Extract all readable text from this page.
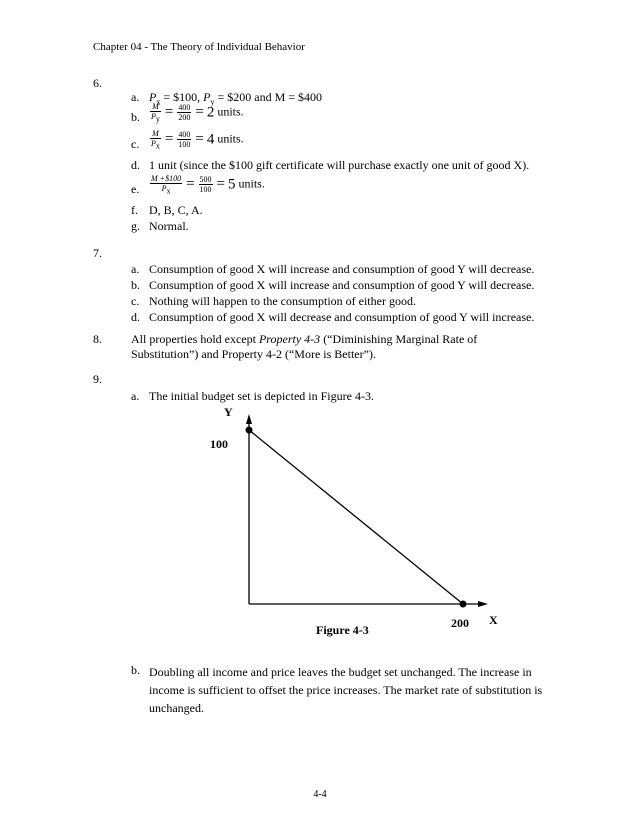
Chapter 04 - The Theory of Individual Behavior
6.
a. $P_x$ = $100, $P_y$ = $200 and M = $400
b.	$\frac{M}{P_y} = \frac{400}{200} = 2$ units.
c.	$\frac{M}{P_x} = \frac{400}{100} = 4$ units.
d. 1 unit (since the $100 gift certificate will purchase exactly one unit of good X).
e.	$\frac{M +\$100}{P_x} = \frac{500}{100} = 5$ units.
f. D, B, C, A.
g. Normal.
7.
a. Consumption of good X will increase and consumption of good Y will decrease.
b. Consumption of good X will increase and consumption of good Y will decrease.
c. Nothing will happen to the consumption of either good.
d. Consumption of good X will decrease and consumption of good Y will increase.
8. All properties hold except Property 4-3 (“Diminishing Marginal Rate of Substitution”) and Property 4-2 (“More is Better”).
9.
a. The initial budget set is depicted in Figure 4-3.
Y
X
100
200
Figure 4-3
b. Doubling all income and price leaves the budget set unchanged. The increase in income is sufficient to offset the price increases. The market rate of substitution is unchanged.
4-4
